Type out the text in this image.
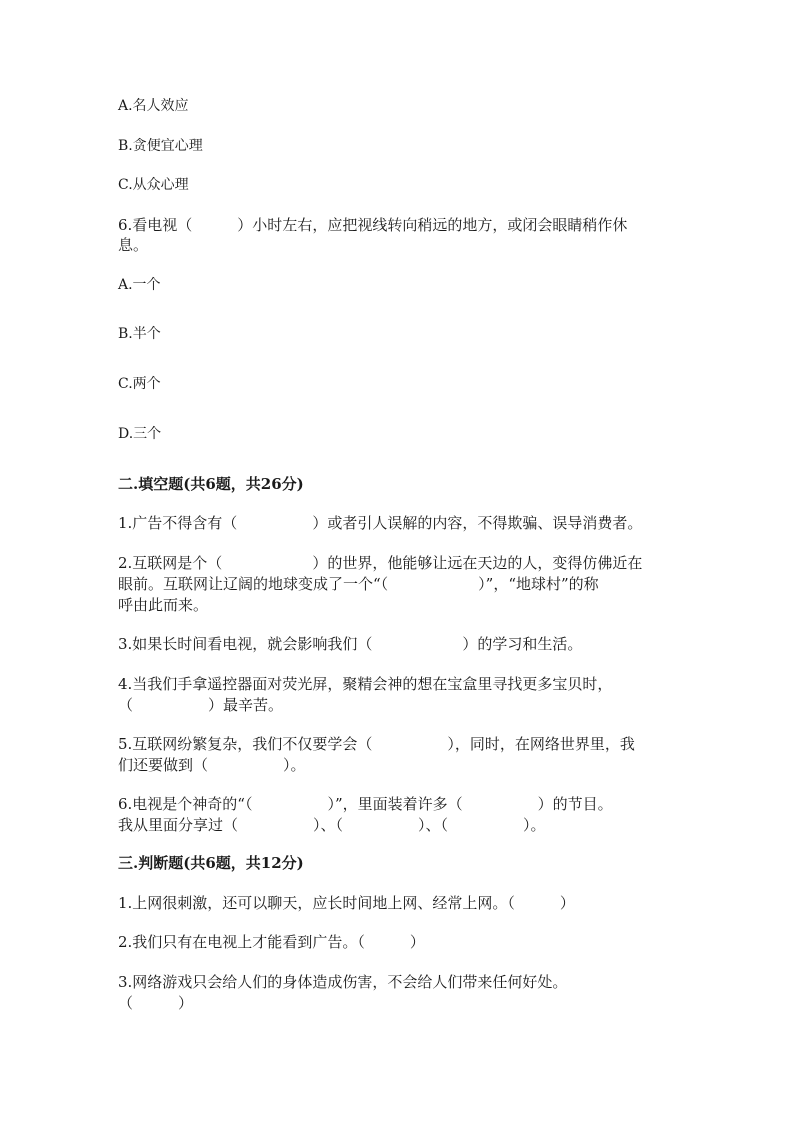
A.名人效应
B.贪便宜心理
C.从众心理
6.看电视（　　　）小时左右，应把视线转向稍远的地方，或闭会眼睛稍作休
息。
A.一个
B.半个
C.两个
D.三个
二.填空题(共6题，共26分)
1.广告不得含有（　　　　　）或者引人误解的内容，不得欺骗、误导消费者。
2.互联网是个（　　　　　　）的世界，他能够让远在天边的人，变得仿佛近在
眼前。互联网让辽阔的地球变成了一个“（　　　　　　）”，“地球村”的称
呼由此而来。
3.如果长时间看电视，就会影响我们（　　　　　　）的学习和生活。
4.当我们手拿遥控器面对荧光屏，聚精会神的想在宝盒里寻找更多宝贝时，
（　　　　　）最辛苦。
5.互联网纷繁复杂，我们不仅要学会（　　　　　），同时，在网络世界里，我
们还要做到（　　　　　）。
6.电视是个神奇的“（　　　　　）”，里面装着许多（　　　　　）的节目。
我从里面分享过（　　　　　）、（　　　　　）、（　　　　　）。
三.判断题(共6题，共12分)
1.上网很刺激，还可以聊天，应长时间地上网、经常上网。（　　　）
2.我们只有在电视上才能看到广告。（　　　）
3.网络游戏只会给人们的身体造成伤害，不会给人们带来任何好处。
（　　　）
